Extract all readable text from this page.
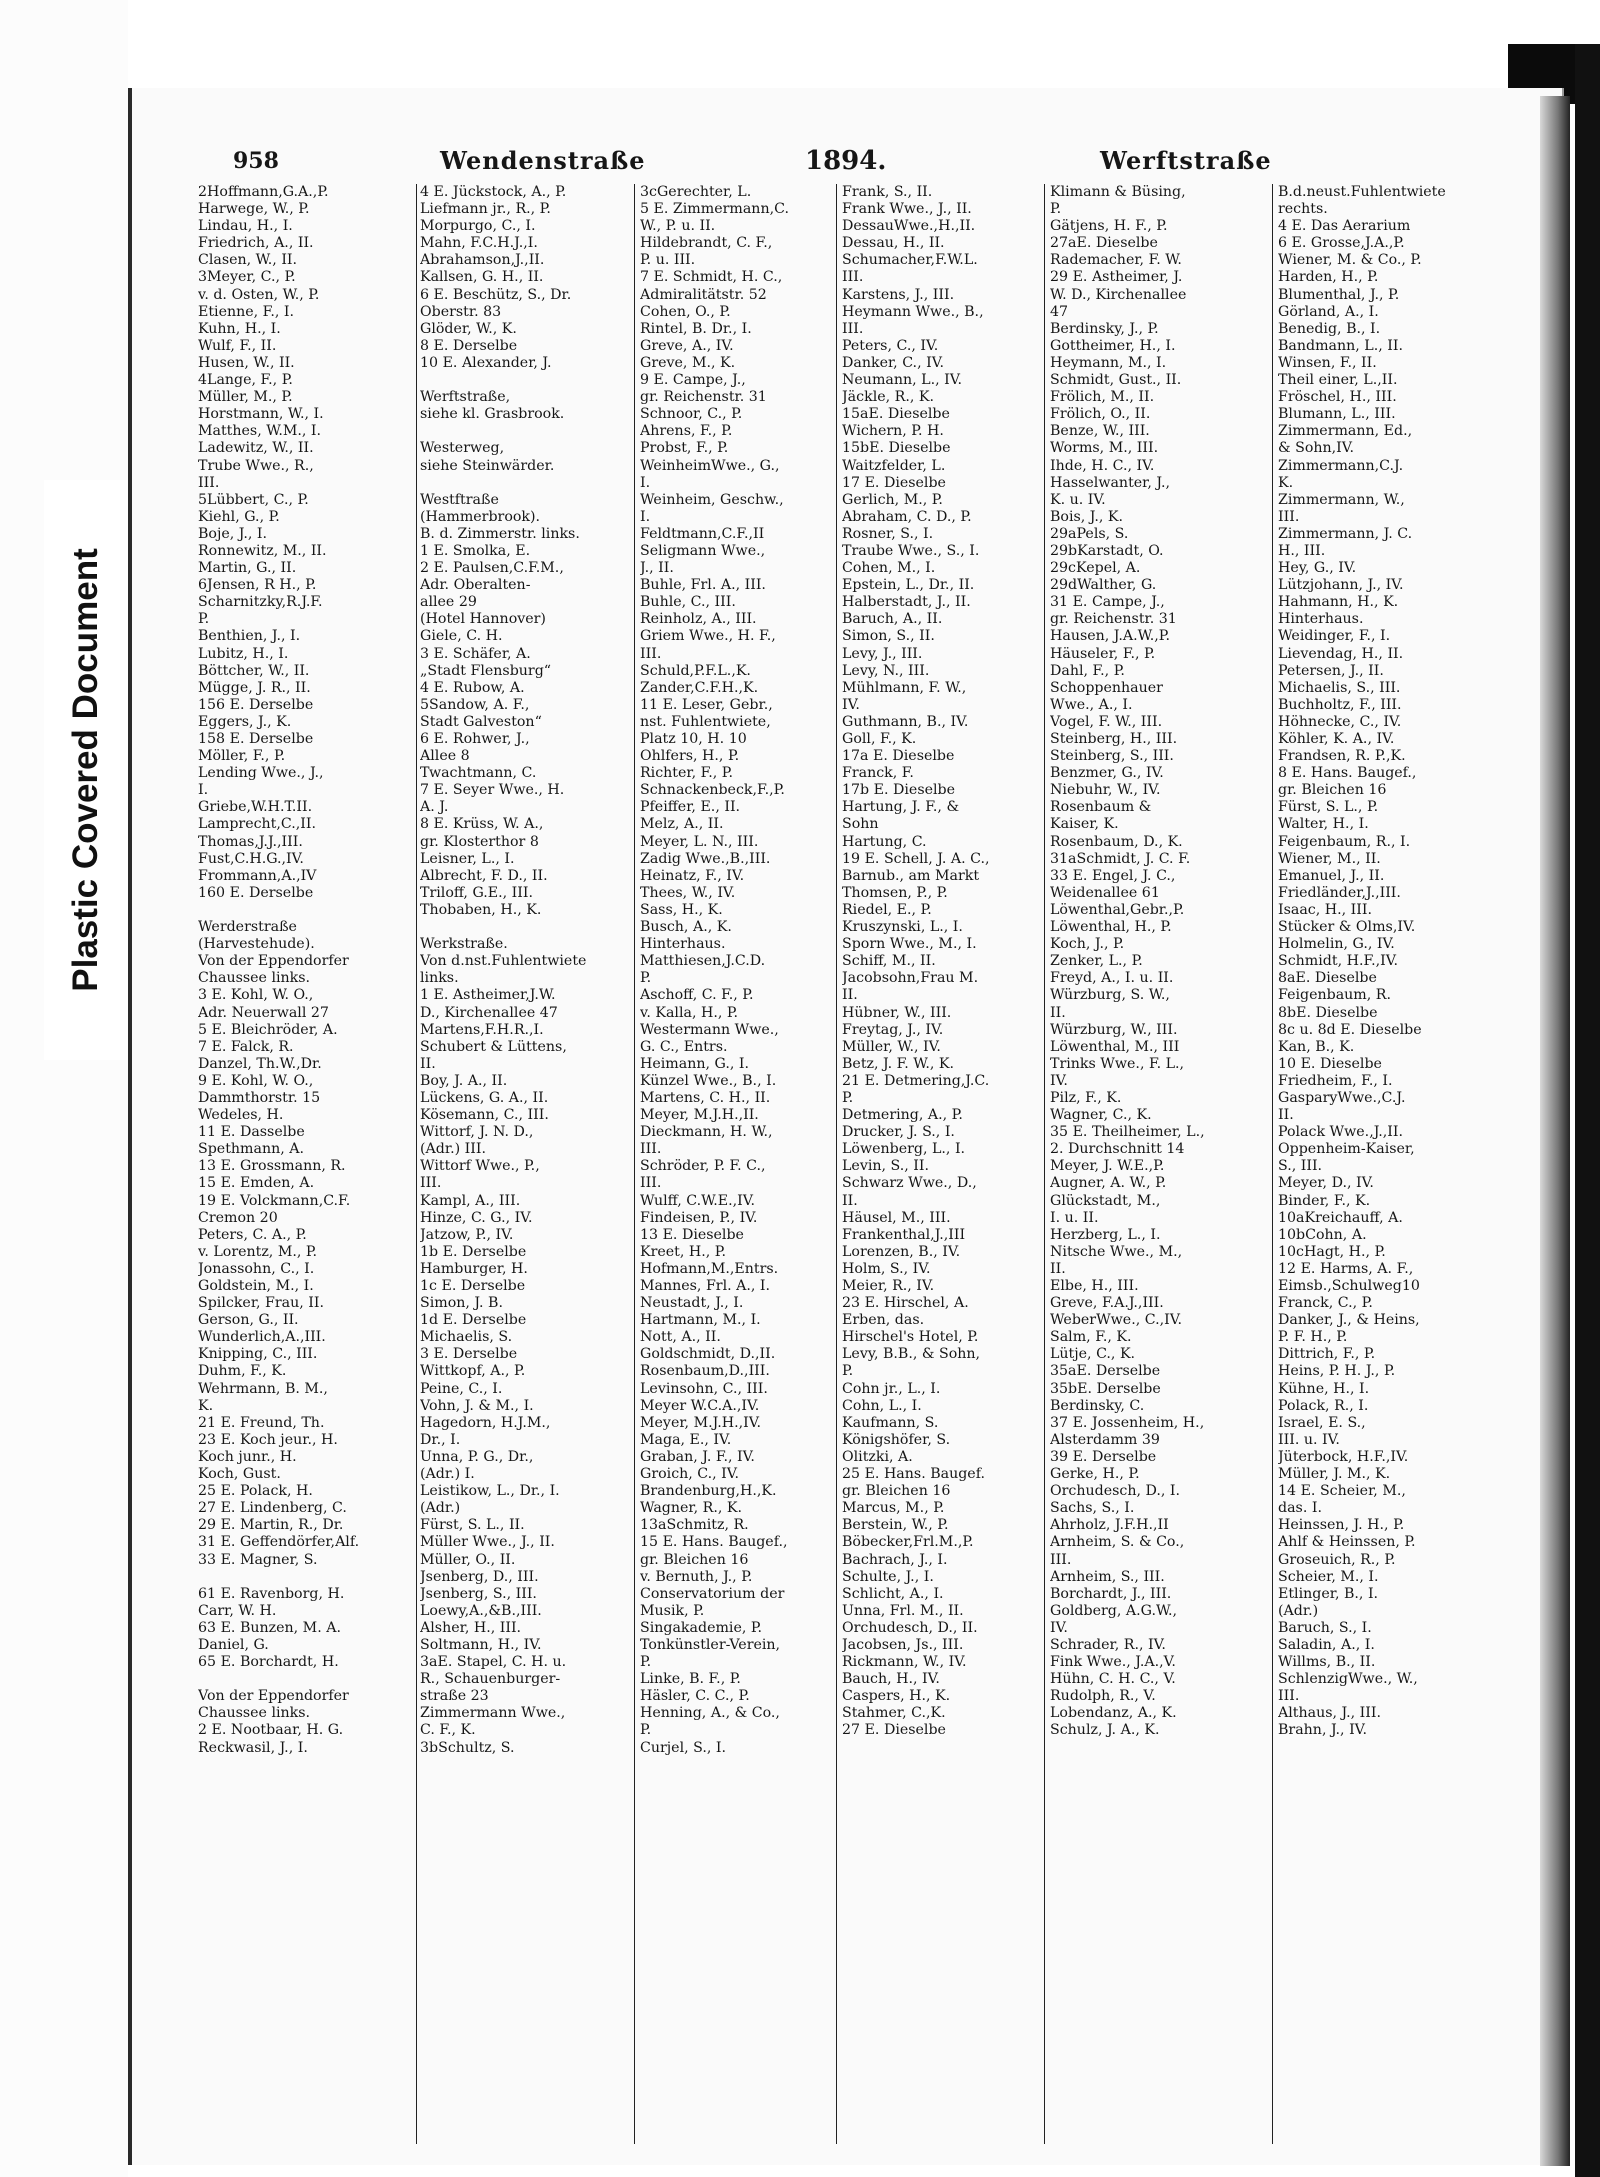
Plastic Covered Document
958	Wendenstraße	1894.	Werftstraße
2Hoffmann,G.A.,P.
Harwege, W., P.
Lindau, H., I.
Friedrich, A., II.
Clasen, W., II.
3Meyer, C., P.
v. d. Osten, W., P.
Etienne, F., I.
Kuhn, H., I.
Wulf, F., II.
Husen, W., II.
4Lange, F., P.
Müller, M., P.
Horstmann, W., I.
Matthes, W.M., I.
Ladewitz, W., II.
Trube Wwe., R.,
III.
5Lübbert, C., P.
Kiehl, G., P.
Boje, J., I.
Ronnewitz, M., II.
Martin, G., II.
6Jensen, R H., P.
Scharnitzky,R.J.F.
P.
Benthien, J., I.
Lubitz, H., I.
Böttcher, W., II.
Mügge, J. R., II.
156 E. Derselbe
Eggers, J., K.
158 E. Derselbe
Möller, F., P.
Lending Wwe., J.,
I.
Griebe,W.H.T.II.
Lamprecht,C.,II.
Thomas,J.J.,III.
Fust,C.H.G.,IV.
Frommann,A.,IV
160 E. Derselbe
Werderstraße
(Harvestehude).
Von der Eppendorfer
Chaussee links.
3 E. Kohl, W. O.,
Adr. Neuerwall 27
5 E. Bleichröder, A.
7 E. Falck, R.
Danzel, Th.W.,Dr.
9 E. Kohl, W. O.,
Dammthorstr. 15
Wedeles, H.
11 E. Dasselbe
Spethmann, A.
13 E. Grossmann, R.
15 E. Emden, A.
19 E. Volckmann,C.F.
Cremon 20
Peters, C. A., P.
v. Lorentz, M., P.
Jonassohn, C., I.
Goldstein, M., I.
Spilcker, Frau, II.
Gerson, G., II.
Wunderlich,A.,III.
Knipping, C., III.
Duhm, F., K.
Wehrmann, B. M.,
K.
21 E. Freund, Th.
23 E. Koch jeur., H.
Koch junr., H.
Koch, Gust.
25 E. Polack, H.
27 E. Lindenberg, C.
29 E. Martin, R., Dr.
31 E. Geffendörfer,Alf.
33 E. Magner, S.
61 E. Ravenborg, H.
Carr, W. H.
63 E. Bunzen, M. A.
Daniel, G.
65 E. Borchardt, H.
Von der Eppendorfer
Chaussee links.
2 E. Nootbaar, H. G.
Reckwasil, J., I.
4 E. Jückstock, A., P.
Liefmann jr., R., P.
Morpurgo, C., I.
Mahn, F.C.H.J.,I.
Abrahamson,J.,II.
Kallsen, G. H., II.
6 E. Beschütz, S., Dr.
Oberstr. 83
Glöder, W., K.
8 E. Derselbe
10 E. Alexander, J.
Werftstraße,
siehe kl. Grasbrook.
Westerweg,
siehe Steinwärder.
Westftraße
(Hammerbrook).
B. d. Zimmerstr. links.
1 E. Smolka, E.
2 E. Paulsen,C.F.M.,
Adr. Oberalten-
allee 29
(Hotel Hannover)
Giele, C. H.
3 E. Schäfer, A.
„Stadt Flensburg“
4 E. Rubow, A.
5Sandow, A. F.,
Stadt Galveston“
6 E. Rohwer, J.,
Allee 8
Twachtmann, C.
7 E. Seyer Wwe., H.
A. J.
8 E. Krüss, W. A.,
gr. Klosterthor 8
Leisner, L., I.
Albrecht, F. D., II.
Triloff, G.E., III.
Thobaben, H., K.
Werkstraße.
Von d.nst.Fuhlentwiete
links.
1 E. Astheimer,J.W.
D., Kirchenallee 47
Martens,F.H.R.,I.
Schubert & Lüttens,
II.
Boy, J. A., II.
Lückens, G. A., II.
Kösemann, C., III.
Wittorf, J. N. D.,
(Adr.) III.
Wittorf Wwe., P.,
III.
Kampl, A., III.
Hinze, C. G., IV.
Jatzow, P., IV.
1b E. Derselbe
Hamburger, H.
1c E. Derselbe
Simon, J. B.
1d E. Derselbe
Michaelis, S.
3 E. Derselbe
Wittkopf, A., P.
Peine, C., I.
Vohn, J. & M., I.
Hagedorn, H.J.M.,
Dr., I.
Unna, P. G., Dr.,
(Adr.) I.
Leistikow, L., Dr., I.
(Adr.)
Fürst, S. L., II.
Müller Wwe., J., II.
Müller, O., II.
Jsenberg, D., III.
Jsenberg, S., III.
Loewy,A.,&B.,III.
Alsher, H., III.
Soltmann, H., IV.
3aE. Stapel, C. H. u.
R., Schauenburger-
straße 23
Zimmermann Wwe.,
C. F., K.
3bSchultz, S.
3cGerechter, L.
5 E. Zimmermann,C.
W., P. u. II.
Hildebrandt, C. F.,
P. u. III.
7 E. Schmidt, H. C.,
Admiralitätstr. 52
Cohen, O., P.
Rintel, B. Dr., I.
Greve, A., IV.
Greve, M., K.
9 E. Campe, J.,
gr. Reichenstr. 31
Schnoor, C., P.
Ahrens, F., P.
Probst, F., P.
WeinheimWwe., G.,
I.
Weinheim, Geschw.,
I.
Feldtmann,C.F.,II
Seligmann Wwe.,
J., II.
Buhle, Frl. A., III.
Buhle, C., III.
Reinholz, A., III.
Griem Wwe., H. F.,
III.
Schuld,P.F.L.,K.
Zander,C.F.H.,K.
11 E. Leser, Gebr.,
nst. Fuhlentwiete,
Platz 10, H. 10
Ohlfers, H., P.
Richter, F., P.
Schnackenbeck,F.,P.
Pfeiffer, E., II.
Melz, A., II.
Meyer, L. N., III.
Zadig Wwe.,B.,III.
Heinatz, F., IV.
Thees, W., IV.
Sass, H., K.
Busch, A., K.
Hinterhaus.
Matthiesen,J.C.D.
P.
Aschoff, C. F., P.
v. Kalla, H., P.
Westermann Wwe.,
G. C., Entrs.
Heimann, G., I.
Künzel Wwe., B., I.
Martens, C. H., II.
Meyer, M.J.H.,II.
Dieckmann, H. W.,
III.
Schröder, P. F. C.,
III.
Wulff, C.W.E.,IV.
Findeisen, P., IV.
13 E. Dieselbe
Kreet, H., P.
Hofmann,M.,Entrs.
Mannes, Frl. A., I.
Neustadt, J., I.
Hartmann, M., I.
Nott, A., II.
Goldschmidt, D.,II.
Rosenbaum,D.,III.
Levinsohn, C., III.
Meyer W.C.A.,IV.
Meyer, M.J.H.,IV.
Maga, E., IV.
Graban, J. F., IV.
Groich, C., IV.
Brandenburg,H.,K.
Wagner, R., K.
13aSchmitz, R.
15 E. Hans. Baugef.,
gr. Bleichen 16
v. Bernuth, J., P.
Conservatorium der
Musik, P.
Singakademie, P.
Tonkünstler-Verein,
P.
Linke, B. F., P.
Häsler, C. C., P.
Henning, A., & Co.,
P.
Curjel, S., I.
Frank, S., II.
Frank Wwe., J., II.
DessauWwe.,H.,II.
Dessau, H., II.
Schumacher,F.W.L.
III.
Karstens, J., III.
Heymann Wwe., B.,
III.
Peters, C., IV.
Danker, C., IV.
Neumann, L., IV.
Jäckle, R., K.
15aE. Dieselbe
Wichern, P. H.
15bE. Dieselbe
Waitzfelder, L.
17 E. Dieselbe
Gerlich, M., P.
Abraham, C. D., P.
Rosner, S., I.
Traube Wwe., S., I.
Cohen, M., I.
Epstein, L., Dr., II.
Halberstadt, J., II.
Baruch, A., II.
Simon, S., II.
Levy, J., III.
Levy, N., III.
Mühlmann, F. W.,
IV.
Guthmann, B., IV.
Goll, F., K.
17a E. Dieselbe
Franck, F.
17b E. Dieselbe
Hartung, J. F., &
Sohn
Hartung, C.
19 E. Schell, J. A. C.,
Barnub., am Markt
Thomsen, P., P.
Riedel, E., P.
Kruszynski, L., I.
Sporn Wwe., M., I.
Schiff, M., II.
Jacobsohn,Frau M.
II.
Hübner, W., III.
Freytag, J., IV.
Müller, W., IV.
Betz, J. F. W., K.
21 E. Detmering,J.C.
P.
Detmering, A., P.
Drucker, J. S., I.
Löwenberg, L., I.
Levin, S., II.
Schwarz Wwe., D.,
II.
Häusel, M., III.
Frankenthal,J.,III
Lorenzen, B., IV.
Holm, S., IV.
Meier, R., IV.
23 E. Hirschel, A.
Erben, das.
Hirschel's Hotel, P.
Levy, B.B., & Sohn,
P.
Cohn jr., L., I.
Cohn, L., I.
Kaufmann, S.
Königshöfer, S.
Olitzki, A.
25 E. Hans. Baugef.
gr. Bleichen 16
Marcus, M., P.
Berstein, W., P.
Böbecker,Frl.M.,P.
Bachrach, J., I.
Schulte, J., I.
Schlicht, A., I.
Unna, Frl. M., II.
Orchudesch, D., II.
Jacobsen, Js., III.
Rickmann, W., IV.
Bauch, H., IV.
Caspers, H., K.
Stahmer, C.,K.
27 E. Dieselbe
Klimann & Büsing,
P.
Gätjens, H. F., P.
27aE. Dieselbe
Rademacher, F. W.
29 E. Astheimer, J.
W. D., Kirchenallee
47
Berdinsky, J., P.
Gottheimer, H., I.
Heymann, M., I.
Schmidt, Gust., II.
Frölich, M., II.
Frölich, O., II.
Benze, W., III.
Worms, M., III.
Ihde, H. C., IV.
Hasselwanter, J.,
K. u. IV.
Bois, J., K.
29aPels, S.
29bKarstadt, O.
29cKepel, A.
29dWalther, G.
31 E. Campe, J.,
gr. Reichenstr. 31
Hausen, J.A.W.,P.
Häuseler, F., P.
Dahl, F., P.
Schoppenhauer
Wwe., A., I.
Vogel, F. W., III.
Steinberg, H., III.
Steinberg, S., III.
Benzmer, G., IV.
Niebuhr, W., IV.
Rosenbaum &
Kaiser, K.
Rosenbaum, D., K.
31aSchmidt, J. C. F.
33 E. Engel, J. C.,
Weidenallee 61
Löwenthal,Gebr.,P.
Löwenthal, H., P.
Koch, J., P.
Zenker, L., P.
Freyd, A., I. u. II.
Würzburg, S. W.,
II.
Würzburg, W., III.
Löwenthal, M., III
Trinks Wwe., F. L.,
IV.
Pilz, F., K.
Wagner, C., K.
35 E. Theilheimer, L.,
2. Durchschnitt 14
Meyer, J. W.E.,P.
Augner, A. W., P.
Glückstadt, M.,
I. u. II.
Herzberg, L., I.
Nitsche Wwe., M.,
II.
Elbe, H., III.
Greve, F.A.J.,III.
WeberWwe., C.,IV.
Salm, F., K.
Lütje, C., K.
35aE. Derselbe
35bE. Derselbe
Berdinsky, C.
37 E. Jossenheim, H.,
Alsterdamm 39
39 E. Derselbe
Gerke, H., P.
Orchudesch, D., I.
Sachs, S., I.
Ahrholz, J.F.H.,II
Arnheim, S. & Co.,
III.
Arnheim, S., III.
Borchardt, J., III.
Goldberg, A.G.W.,
IV.
Schrader, R., IV.
Fink Wwe., J.A.,V.
Hühn, C. H. C., V.
Rudolph, R., V.
Lobendanz, A., K.
Schulz, J. A., K.
B.d.neust.Fuhlentwiete
rechts.
4 E. Das Aerarium
6 E. Grosse,J.A.,P.
Wiener, M. & Co., P.
Harden, H., P.
Blumenthal, J., P.
Görland, A., I.
Benedig, B., I.
Bandmann, L., II.
Winsen, F., II.
Theil einer, L.,II.
Fröschel, H., III.
Blumann, L., III.
Zimmermann, Ed.,
& Sohn,IV.
Zimmermann,C.J.
K.
Zimmermann, W.,
III.
Zimmermann, J. C.
H., III.
Hey, G., IV.
Lützjohann, J., IV.
Hahmann, H., K.
Hinterhaus.
Weidinger, F., I.
Lievendag, H., II.
Petersen, J., II.
Michaelis, S., III.
Buchholtz, F., III.
Höhnecke, C., IV.
Köhler, K. A., IV.
Frandsen, R. P.,K.
8 E. Hans. Baugef.,
gr. Bleichen 16
Fürst, S. L., P.
Walter, H., I.
Feigenbaum, R., I.
Wiener, M., II.
Emanuel, J., II.
Friedländer,J.,III.
Isaac, H., III.
Stücker & Olms,IV.
Holmelin, G., IV.
Schmidt, H.F.,IV.
8aE. Dieselbe
Feigenbaum, R.
8bE. Dieselbe
8c u. 8d E. Dieselbe
Kan, B., K.
10 E. Dieselbe
Friedheim, F., I.
GasparyWwe.,C.J.
II.
Polack Wwe.,J.,II.
Oppenheim-Kaiser,
S., III.
Meyer, D., IV.
Binder, F., K.
10aKreichauff, A.
10bCohn, A.
10cHagt, H., P.
12 E. Harms, A. F.,
Eimsb.,Schulweg10
Franck, C., P.
Danker, J., & Heins,
P. F. H., P.
Dittrich, F., P.
Heins, P. H. J., P.
Kühne, H., I.
Polack, R., I.
Israel, E. S.,
III. u. IV.
Jüterbock, H.F.,IV.
Müller, J. M., K.
14 E. Scheier, M.,
das. I.
Heinssen, J. H., P.
Ahlf & Heinssen, P.
Groseuich, R., P.
Scheier, M., I.
Etlinger, B., I.
(Adr.)
Baruch, S., I.
Saladin, A., I.
Willms, B., II.
SchlenzigWwe., W.,
III.
Althaus, J., III.
Brahn, J., IV.
